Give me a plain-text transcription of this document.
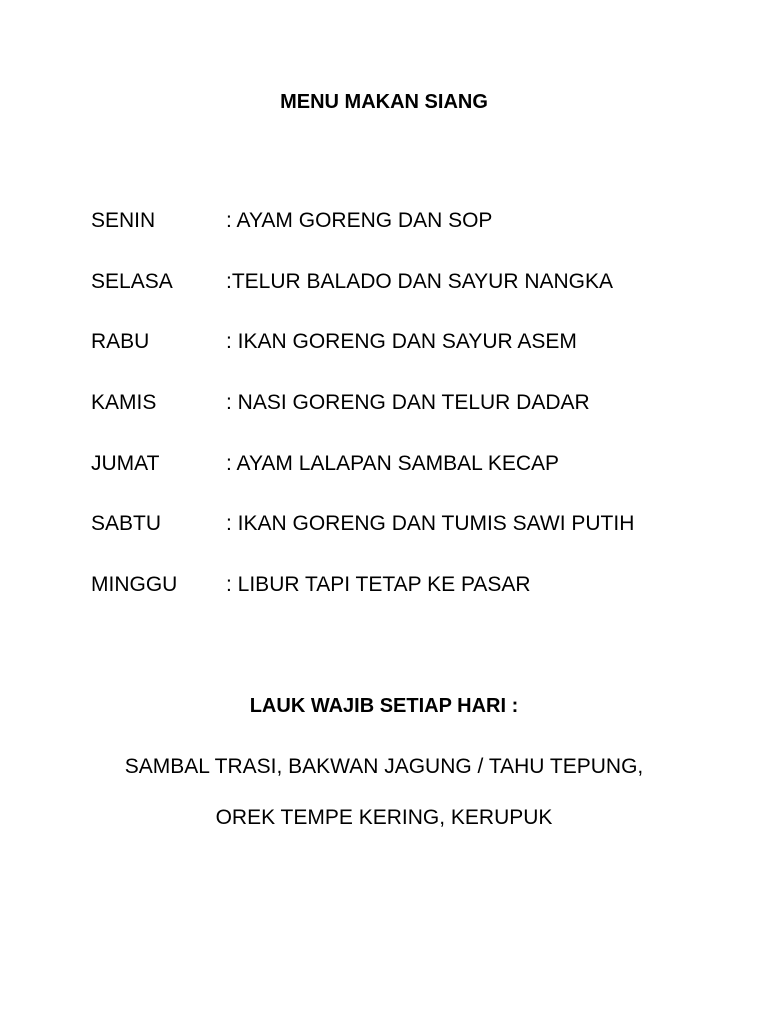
MENU MAKAN SIANG
SENIN	: AYAM GORENG DAN SOP
SELASA	:TELUR BALADO DAN SAYUR NANGKA
RABU	: IKAN GORENG DAN SAYUR ASEM
KAMIS	: NASI GORENG DAN TELUR DADAR
JUMAT	: AYAM LALAPAN SAMBAL KECAP
SABTU	: IKAN GORENG DAN TUMIS SAWI PUTIH
MINGGU : LIBUR TAPI TETAP KE PASAR
LAUK WAJIB SETIAP HARI :

SAMBAL TRASI, BAKWAN JAGUNG / TAHU TEPUNG,

OREK TEMPE KERING, KERUPUK
